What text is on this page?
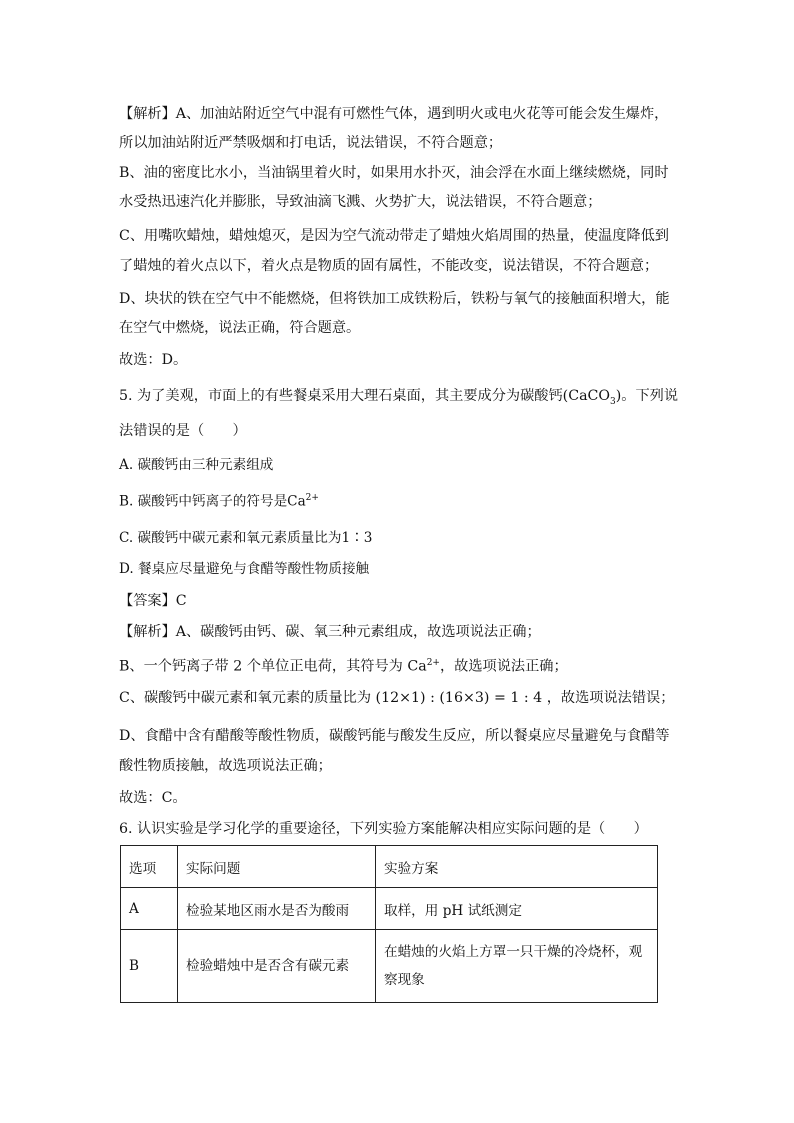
【解析】A、加油站附近空气中混有可燃性气体，遇到明火或电火花等可能会发生爆炸，
所以加油站附近严禁吸烟和打电话，说法错误，不符合题意；
B、油的密度比水小，当油锅里着火时，如果用水扑灭，油会浮在水面上继续燃烧，同时
水受热迅速汽化并膨胀，导致油滴飞溅、火势扩大，说法错误，不符合题意；
C、用嘴吹蜡烛，蜡烛熄灭，是因为空气流动带走了蜡烛火焰周围的热量，使温度降低到
了蜡烛的着火点以下，着火点是物质的固有属性，不能改变，说法错误，不符合题意；
D、块状的铁在空气中不能燃烧，但将铁加工成铁粉后，铁粉与氧气的接触面积增大，能
在空气中燃烧，说法正确，符合题意。
故选：D。
5. 为了美观，市面上的有些餐桌采用大理石桌面，其主要成分为碳酸钙(CaCO$_3$)。下列说
法错误的是（　　）
A. 碳酸钙由三种元素组成
B. 碳酸钙中钙离子的符号是$Ca^{2+}$
C. 碳酸钙中碳元素和氧元素质量比为1∶3
D. 餐桌应尽量避免与食醋等酸性物质接触
【答案】C
【解析】A、碳酸钙由钙、碳、氧三种元素组成，故选项说法正确；
B、一个钙离子带 2 个单位正电荷，其符号为 $Ca^{2+}$，故选项说法正确；
C、碳酸钙中碳元素和氧元素的质量比为 (12×1) : (16×3) = 1 : 4 ，故选项说法错误；
D、食醋中含有醋酸等酸性物质，碳酸钙能与酸发生反应，所以餐桌应尽量避免与食醋等
酸性物质接触，故选项说法正确；
故选：C。
6. 认识实验是学习化学的重要途径，下列实验方案能解决相应实际问题的是（　　）
选项	实际问题	实验方案
A	检验某地区雨水是否为酸雨	取样，用 pH 试纸测定
B	检验蜡烛中是否含有碳元素	在蜡烛的火焰上方罩一只干燥的冷烧杯，观察现象
